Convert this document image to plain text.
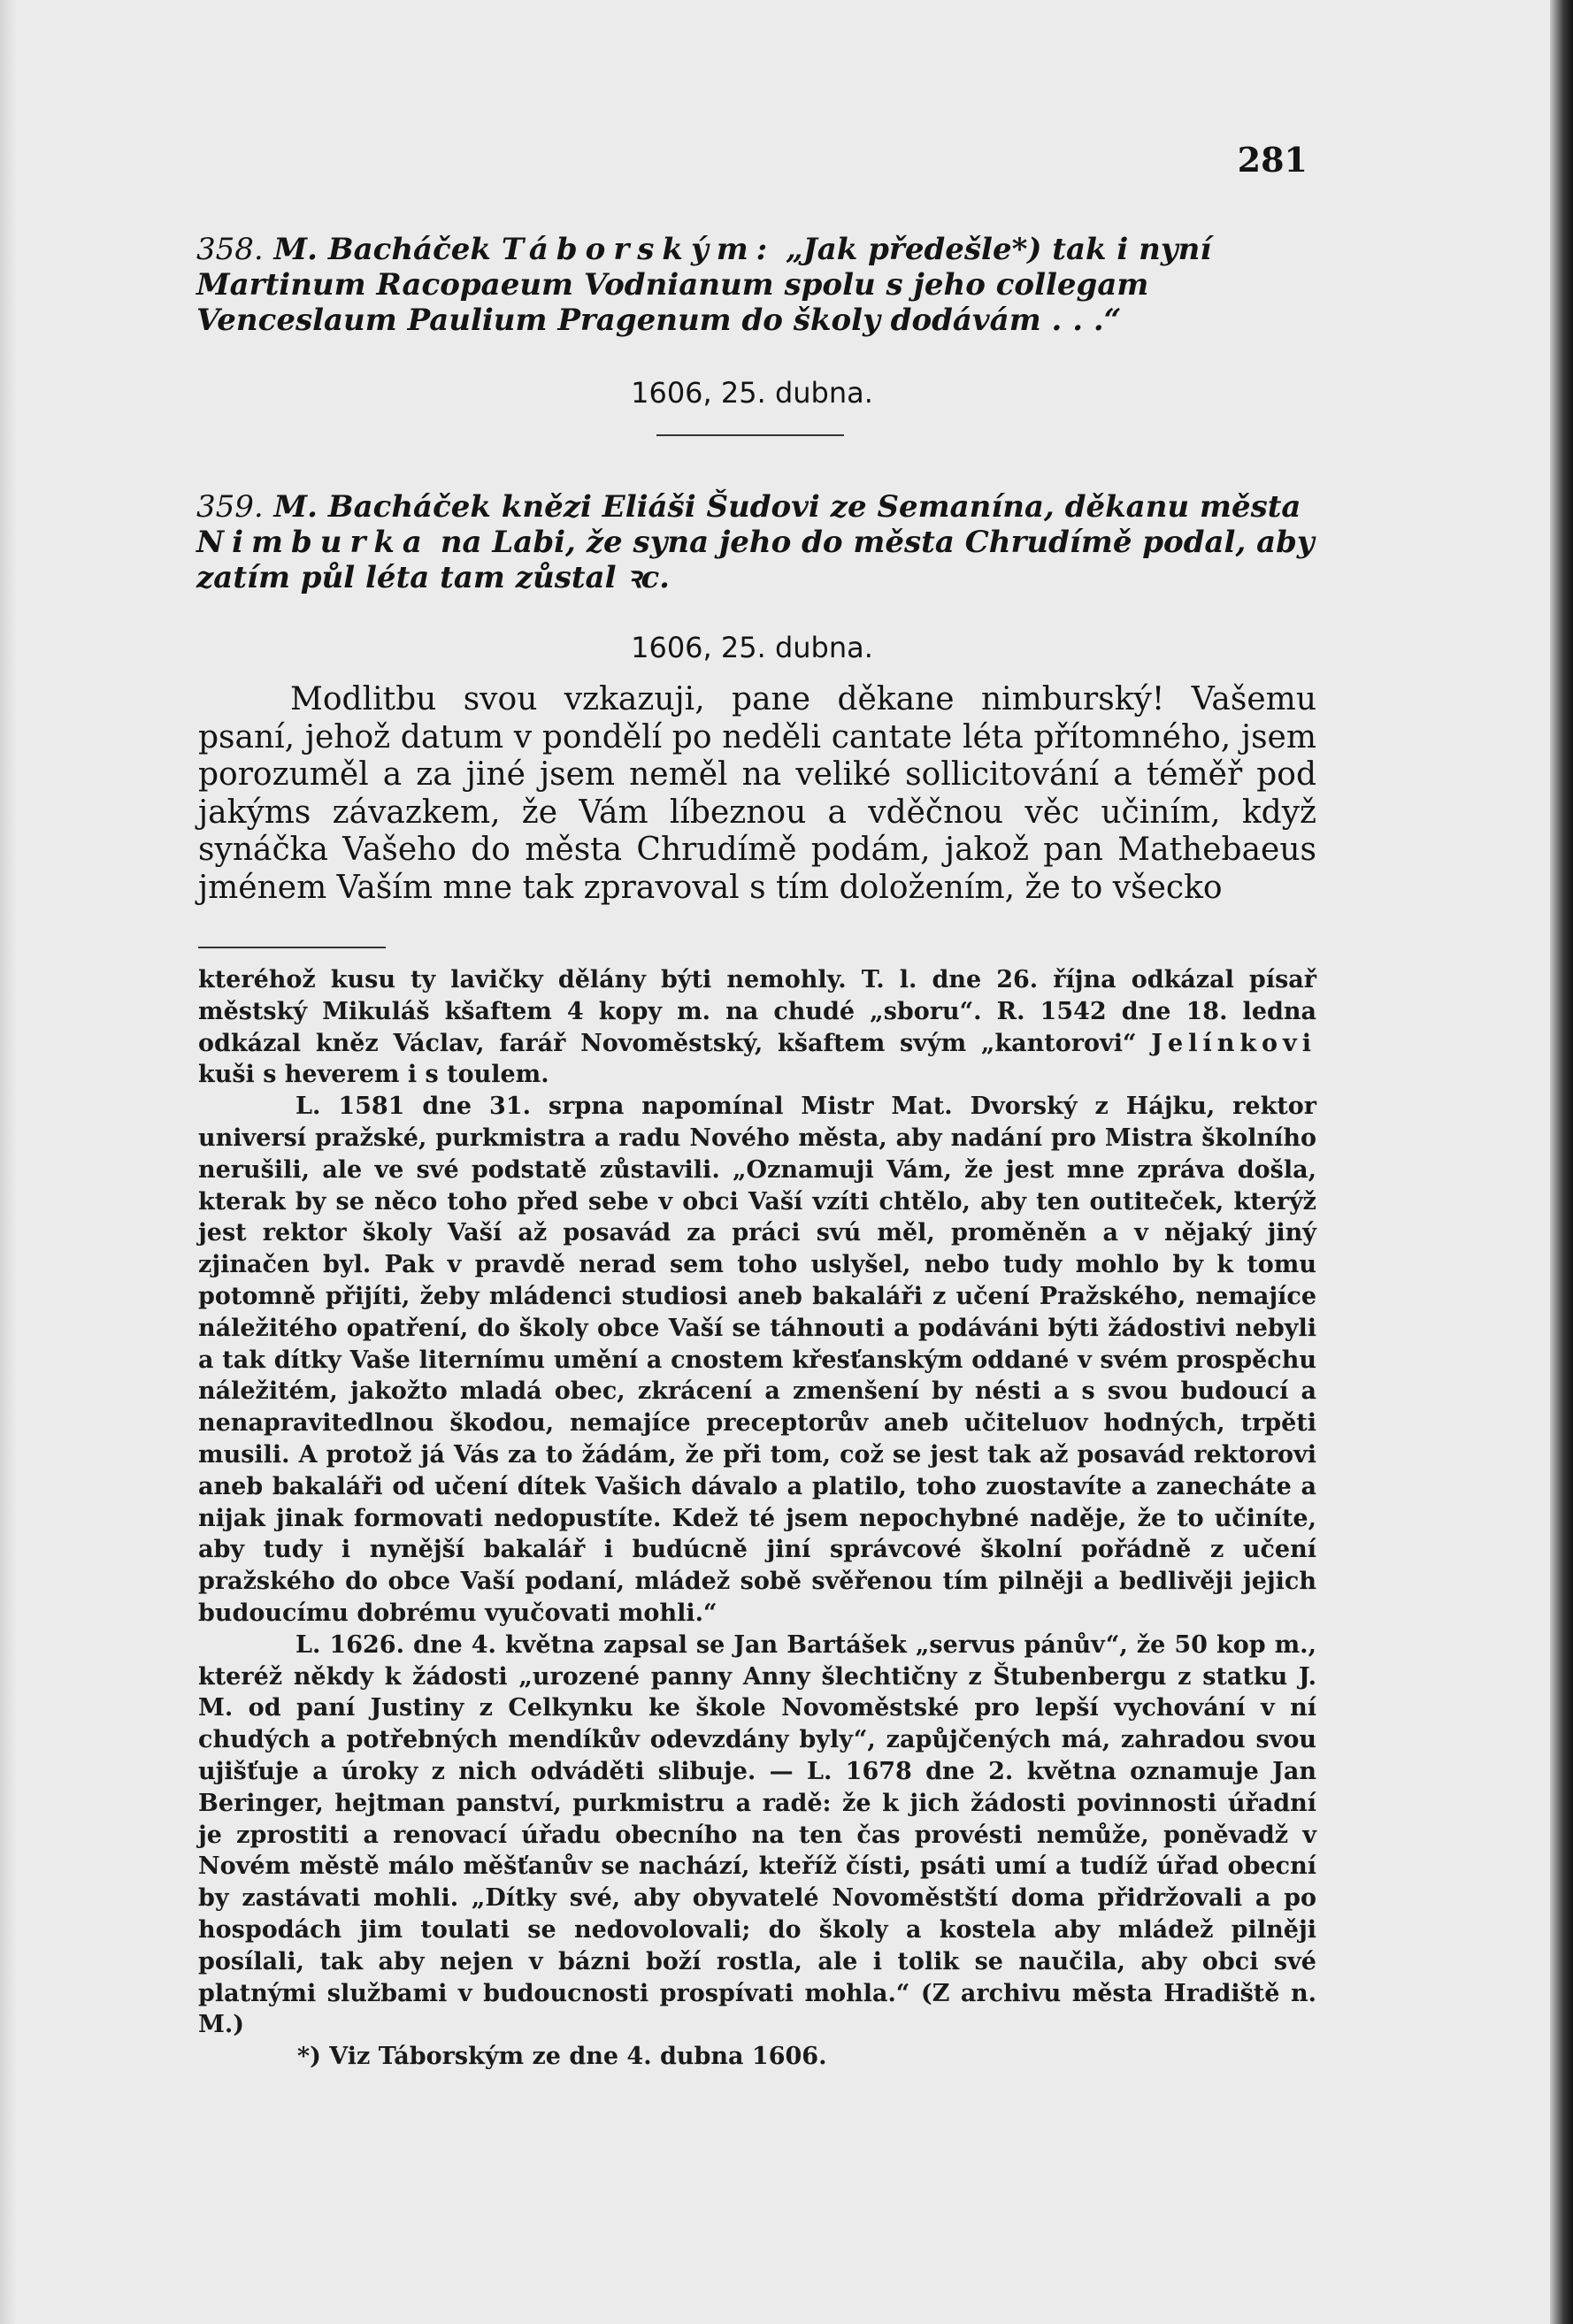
281
358. M. Bacháček Táborským: „Jak předešle*) tak i nyní Martinum Racopaeum Vodnianum spolu s jeho collegam Venceslaum Paulium Pragenum do školy dodávám . . .“
1606, 25. dubna.
359. M. Bacháček knězi Eliáši Šudovi ze Semanína, děkanu města Nimburka na Labi, že syna jeho do města Chrudímě podal, aby zatím půl léta tam zůstal ꝛc.
1606, 25. dubna.

Modlitbu svou vzkazuji, pane děkane nimburský! Vašemu psaní, jehož datum v pondělí po neděli cantate léta přítomného, jsem porozuměl a za jiné jsem neměl na veliké sollicitování a téměř pod jakýms závazkem, že Vám líbeznou a vděčnou věc učiním, když synáčka Vašeho do města Chrudímě podám, jakož pan Mathebaeus jménem Vaším mne tak zpravoval s tím doložením, že to všecko

kteréhož kusu ty lavičky dělány býti nemohly. T. l. dne 26. října odkázal písař městský Mikuláš kšaftem 4 kopy m. na chudé „sboru“. R. 1542 dne 18. ledna odkázal kněz Václav, farář Novoměstský, kšaftem svým „kantorovi“ Jelínkovi kuši s heverem i s toulem.

L. 1581 dne 31. srpna napomínal Mistr Mat. Dvorský z Hájku, rektor universí pražské, purkmistra a radu Nového města, aby nadání pro Mistra školního nerušili, ale ve své podstatě zůstavili. „Oznamuji Vám, že jest mne zpráva došla, kterak by se něco toho před sebe v obci Vaší vzíti chtělo, aby ten outiteček, kterýž jest rektor školy Vaší až posavád za práci svú měl, proměněn a v nějaký jiný zjinačen byl. Pak v pravdě nerad sem toho uslyšel, nebo tudy mohlo by k tomu potomně přijíti, žeby mládenci studiosi aneb bakaláři z učení Pražského, nemajíce náležitého opatření, do školy obce Vaší se táhnouti a podáváni býti žádostivi nebyli a tak dítky Vaše liternímu umění a cnostem křesťanským oddané v svém prospěchu náležitém, jakožto mladá obec, zkrácení a zmenšení by nésti a s svou budoucí a nenapravitedlnou škodou, nemajíce preceptorův aneb učiteluov hodných, trpěti musili. A protož já Vás za to žádám, že při tom, což se jest tak až posavád rektorovi aneb bakaláři od učení dítek Vašich dávalo a platilo, toho zuostavíte a zanecháte a nijak jinak formovati nedopustíte. Kdež té jsem nepochybné naděje, že to učiníte, aby tudy i nynější bakalář i budúcně jiní správcové školní pořádně z učení pražského do obce Vaší podaní, mládež sobě svěřenou tím pilněji a bedlivěji jejich budoucímu dobrému vyučovati mohli.“

L. 1626. dne 4. května zapsal se Jan Bartášek „servus pánův“, že 50 kop m., kteréž někdy k žádosti „urozené panny Anny šlechtičny z Štubenbergu z statku J. M. od paní Justiny z Celkynku ke škole Novoměstské pro lepší vychování v ní chudých a potřebných mendíkův odevzdány byly“, zapůjčených má, zahradou svou ujišťuje a úroky z nich odváděti slibuje. — L. 1678 dne 2. května oznamuje Jan Beringer, hejtman panství, purkmistru a radě: že k jich žádosti povinnosti úřadní je zprostiti a renovací úřadu obecního na ten čas provésti nemůže, poněvadž v Novém městě málo měšťanův se nachází, kteříž čísti, psáti umí a tudíž úřad obecní by zastávati mohli. „Dítky své, aby obyvatelé Novoměstští doma přidržovali a po hospodách jim toulati se nedovolovali; do školy a kostela aby mládež pilněji posílali, tak aby nejen v bázni boží rostla, ale i tolik se naučila, aby obci své platnými službami v budoucnosti prospívati mohla.“ (Z archivu města Hradiště n. M.)

*) Viz Táborským ze dne 4. dubna 1606.
